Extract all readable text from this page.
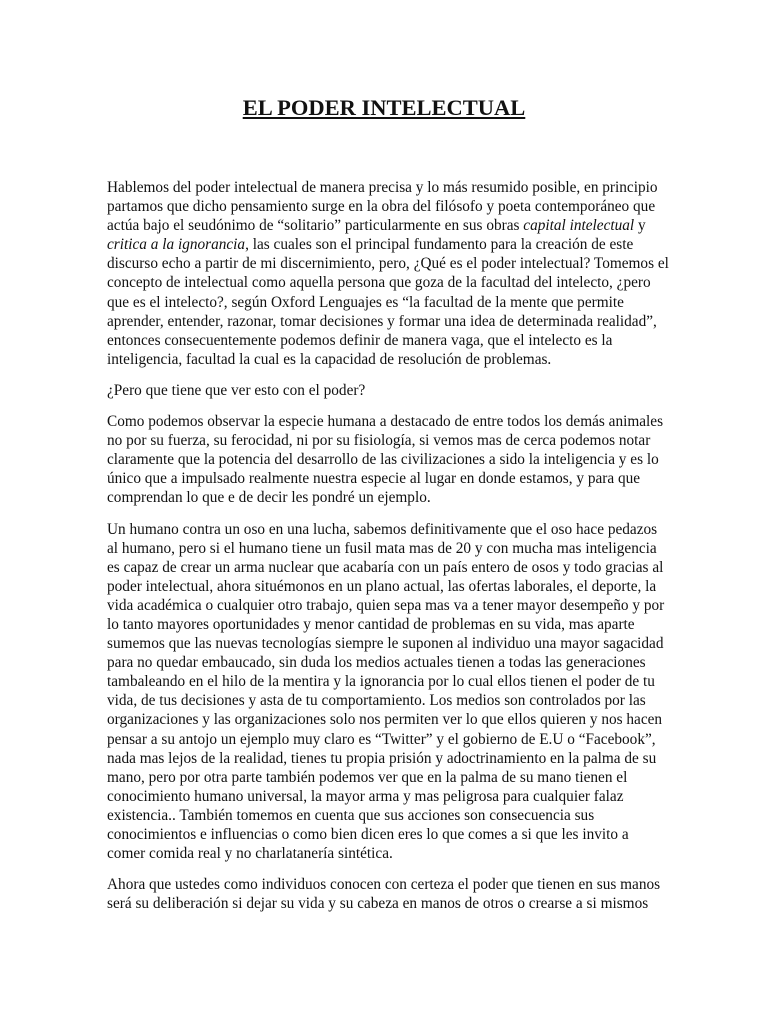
EL PODER INTELECTUAL

Hablemos del poder intelectual de manera precisa y lo más resumido posible, en principio
partamos que dicho pensamiento surge en la obra del filósofo y poeta contemporáneo que
actúa bajo el seudónimo de “solitario” particularmente en sus obras capital intelectual y
critica a la ignorancia, las cuales son el principal fundamento para la creación de este
discurso echo a partir de mi discernimiento, pero, ¿Qué es el poder intelectual? Tomemos el
concepto de intelectual como aquella persona que goza de la facultad del intelecto, ¿pero
que es el intelecto?, según Oxford Lenguajes es “la facultad de la mente que permite
aprender, entender, razonar, tomar decisiones y formar una idea de determinada realidad”,
entonces consecuentemente podemos definir de manera vaga, que el intelecto es la
inteligencia, facultad la cual es la capacidad de resolución de problemas.

¿Pero que tiene que ver esto con el poder?

Como podemos observar la especie humana a destacado de entre todos los demás animales
no por su fuerza, su ferocidad, ni por su fisiología, si vemos mas de cerca podemos notar
claramente que la potencia del desarrollo de las civilizaciones a sido la inteligencia y es lo
único que a impulsado realmente nuestra especie al lugar en donde estamos, y para que
comprendan lo que e de decir les pondré un ejemplo.

Un humano contra un oso en una lucha, sabemos definitivamente que el oso hace pedazos
al humano, pero si el humano tiene un fusil mata mas de 20 y con mucha mas inteligencia
es capaz de crear un arma nuclear que acabaría con un país entero de osos y todo gracias al
poder intelectual, ahora situémonos en un plano actual, las ofertas laborales, el deporte, la
vida académica o cualquier otro trabajo, quien sepa mas va a tener mayor desempeño y por
lo tanto mayores oportunidades y menor cantidad de problemas en su vida, mas aparte
sumemos que las nuevas tecnologías siempre le suponen al individuo una mayor sagacidad
para no quedar embaucado, sin duda los medios actuales tienen a todas las generaciones
tambaleando en el hilo de la mentira y la ignorancia por lo cual ellos tienen el poder de tu
vida, de tus decisiones y asta de tu comportamiento. Los medios son controlados por las
organizaciones y las organizaciones solo nos permiten ver lo que ellos quieren y nos hacen
pensar a su antojo un ejemplo muy claro es “Twitter” y el gobierno de E.U o “Facebook”,
nada mas lejos de la realidad, tienes tu propia prisión y adoctrinamiento en la palma de su
mano, pero por otra parte también podemos ver que en la palma de su mano tienen el
conocimiento humano universal, la mayor arma y mas peligrosa para cualquier falaz
existencia.. También tomemos en cuenta que sus acciones son consecuencia sus
conocimientos e influencias o como bien dicen eres lo que comes a si que les invito a
comer comida real y no charlatanería sintética.

Ahora que ustedes como individuos conocen con certeza el poder que tienen en sus manos
será su deliberación si dejar su vida y su cabeza en manos de otros o crearse a si mismos
